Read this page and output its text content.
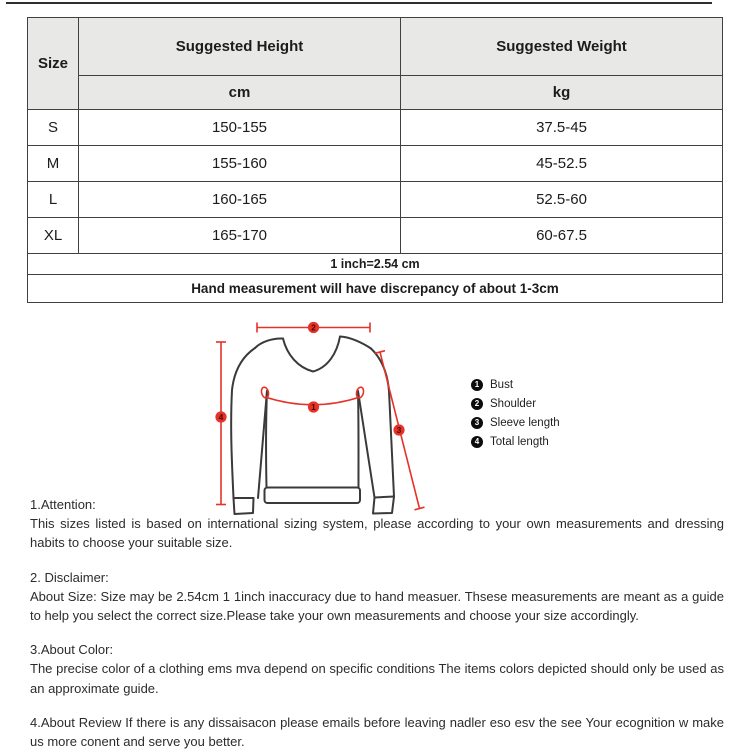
Size	Suggested Height	Suggested Weight
	cm	kg
S	150-155	37.5-45
M	155-160	45-52.5
L	160-165	52.5-60
XL	165-170	60-67.5
1 inch=2.54 cm		
Hand measurement will have discrepancy of about 1-3cm		
2
4
1
3
1 Bust
2 Shoulder
3 Sleeve length
4 Total length
1.Attention:
This sizes listed is based on international sizing system, please according to your own measurements and dressing habits to choose your suitable size.
2. Disclaimer:
About Size: Size may be 2.54cm 1 1inch inaccuracy due to hand measuer. Thsese measurements are meant as a guide to help you select the correct size.Please take your own measurements and choose your size accordingly.
3.About Color:
The precise color of a clothing ems mva depend on specific conditions The items colors depicted should only be used as an approximate guide.
4.About Review If there is any dissaisacon please emails before leaving nadler eso esv the see Your ecognition w make us more conent and serve you better.
